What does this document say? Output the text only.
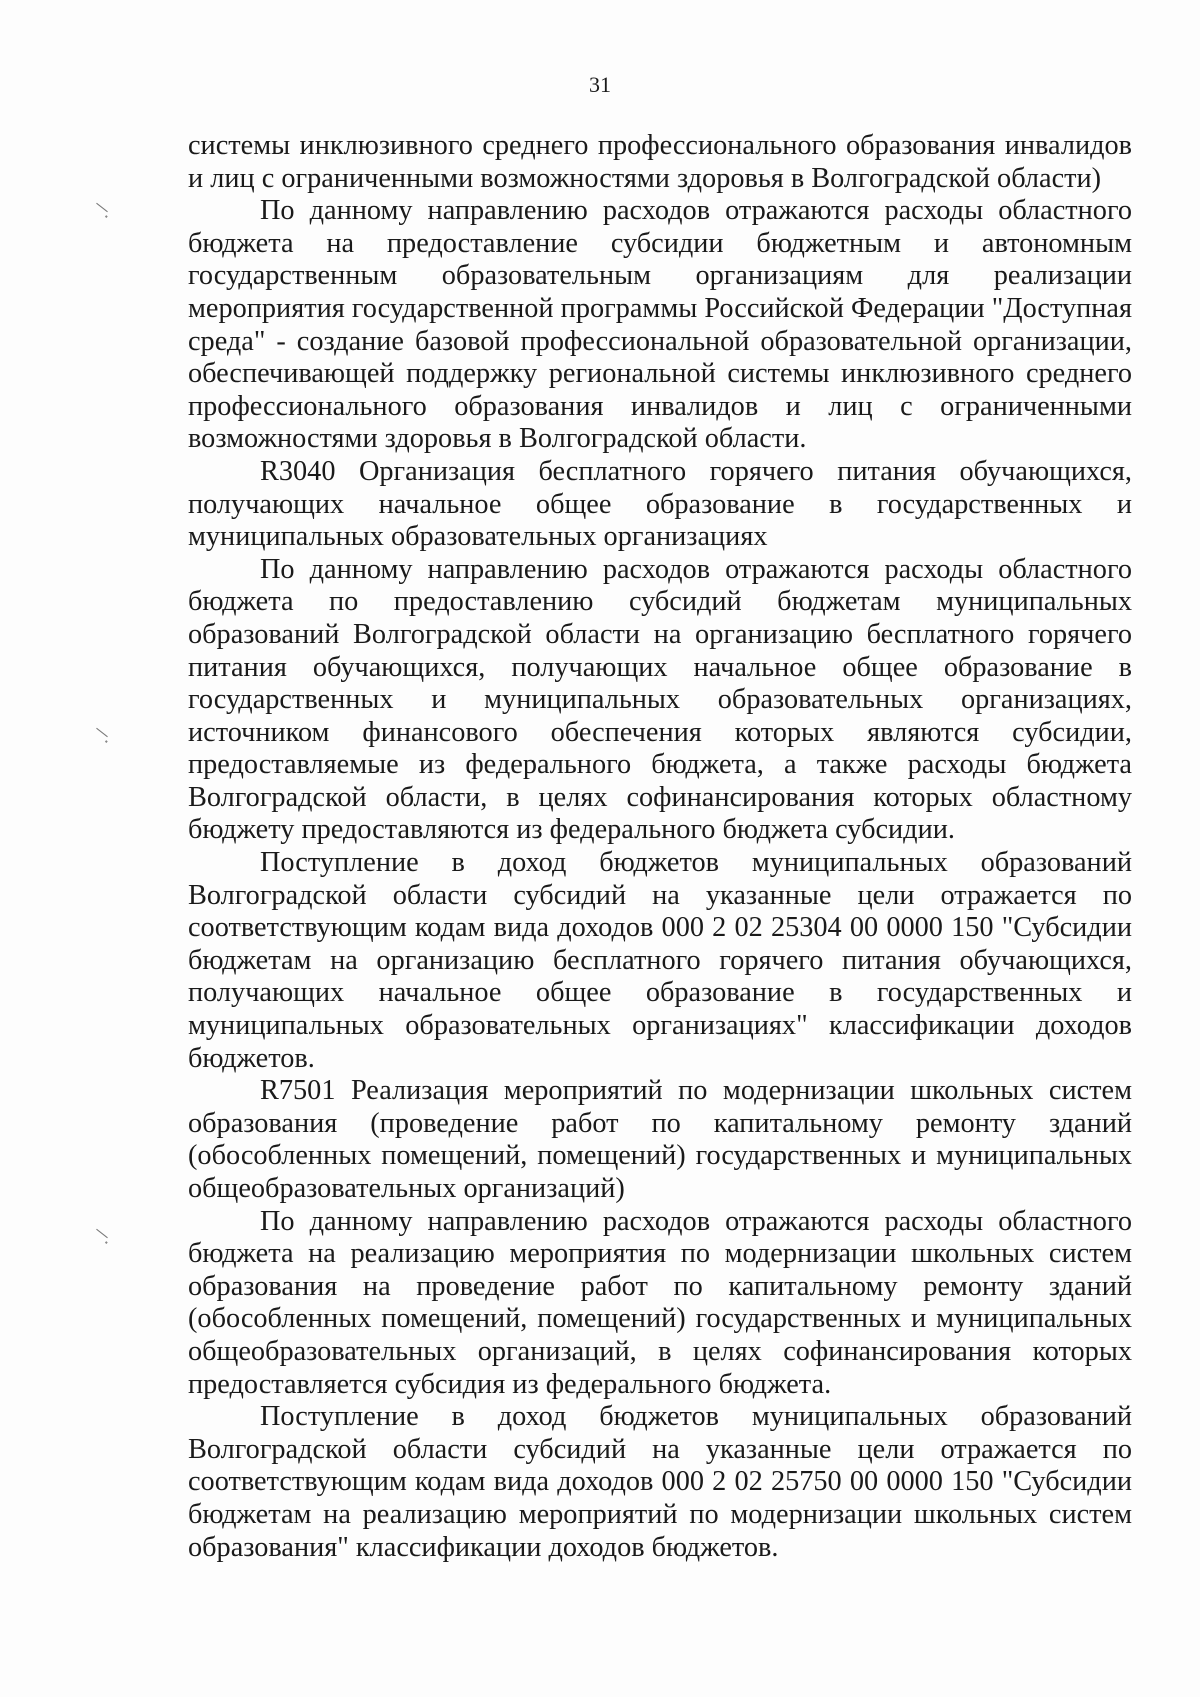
31

системы инклюзивного среднего профессионального образования инвалидов и лиц с ограниченными возможностями здоровья в Волгоградской области)

По данному направлению расходов отражаются расходы областного бюджета на предоставление субсидии бюджетным и автономным государственным образовательным организациям для реализации мероприятия государственной программы Российской Федерации "Доступная среда" - создание базовой профессиональной образовательной организации, обеспечивающей поддержку региональной системы инклюзивного среднего профессионального образования инвалидов и лиц с ограниченными возможностями здоровья в Волгоградской области.

R3040 Организация бесплатного горячего питания обучающихся, получающих начальное общее образование в государственных и муниципальных образовательных организациях

По данному направлению расходов отражаются расходы областного бюджета по предоставлению субсидий бюджетам муниципальных образований Волгоградской области на организацию бесплатного горячего питания обучающихся, получающих начальное общее образование в государственных и муниципальных образовательных организациях, источником финансового обеспечения которых являются субсидии, предоставляемые из федерального бюджета, а также расходы бюджета Волгоградской области, в целях софинансирования которых областному бюджету предоставляются из федерального бюджета субсидии.

Поступление в доход бюджетов муниципальных образований Волгоградской области субсидий на указанные цели отражается по соответствующим кодам вида доходов 000 2 02 25304 00 0000 150 "Субсидии бюджетам на организацию бесплатного горячего питания обучающихся, получающих начальное общее образование в государственных и муниципальных образовательных организациях" классификации доходов бюджетов.

R7501 Реализация мероприятий по модернизации школьных систем образования (проведение работ по капитальному ремонту зданий (обособленных помещений, помещений) государственных и муниципальных общеобразовательных организаций)

По данному направлению расходов отражаются расходы областного бюджета на реализацию мероприятия по модернизации школьных систем образования на проведение работ по капитальному ремонту зданий (обособленных помещений, помещений) государственных и муниципальных общеобразовательных организаций, в целях софинансирования которых предоставляется субсидия из федерального бюджета.

Поступление в доход бюджетов муниципальных образований Волгоградской области субсидий на указанные цели отражается по соответствующим кодам вида доходов 000 2 02 25750 00 0000 150 "Субсидии бюджетам на реализацию мероприятий по модернизации школьных систем образования" классификации доходов бюджетов.
